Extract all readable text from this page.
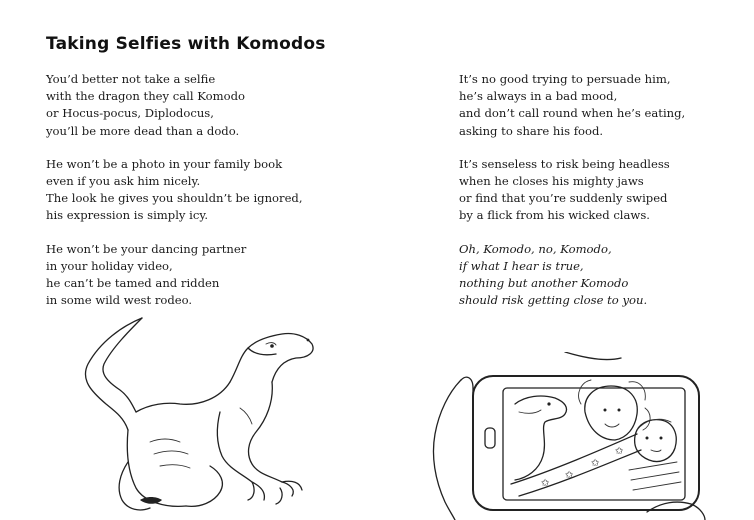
Taking Selfies with Komodos
You’d better not take a selfie
with the dragon they call Komodo
or Hocus-pocus, Diplodocus,
you’ll be more dead than a dodo.
He won’t be a photo in your family book
even if you ask him nicely.
The look he gives you shouldn’t be ignored,
his expression is simply icy.
He won’t be your dancing partner
in your holiday video,
he can’t be tamed and ridden
in some wild west rodeo.
It’s no good trying to persuade him,
he’s always in a bad mood,
and don’t call round when he’s eating,
asking to share his food.
It’s senseless to risk being headless
when he closes his mighty jaws
or find that you’re suddenly swiped
by a flick from his wicked claws.
Oh, Komodo, no, Komodo,
if what I hear is true,
nothing but another Komodo
should risk getting close to you.
✩
✩
✩
✩
